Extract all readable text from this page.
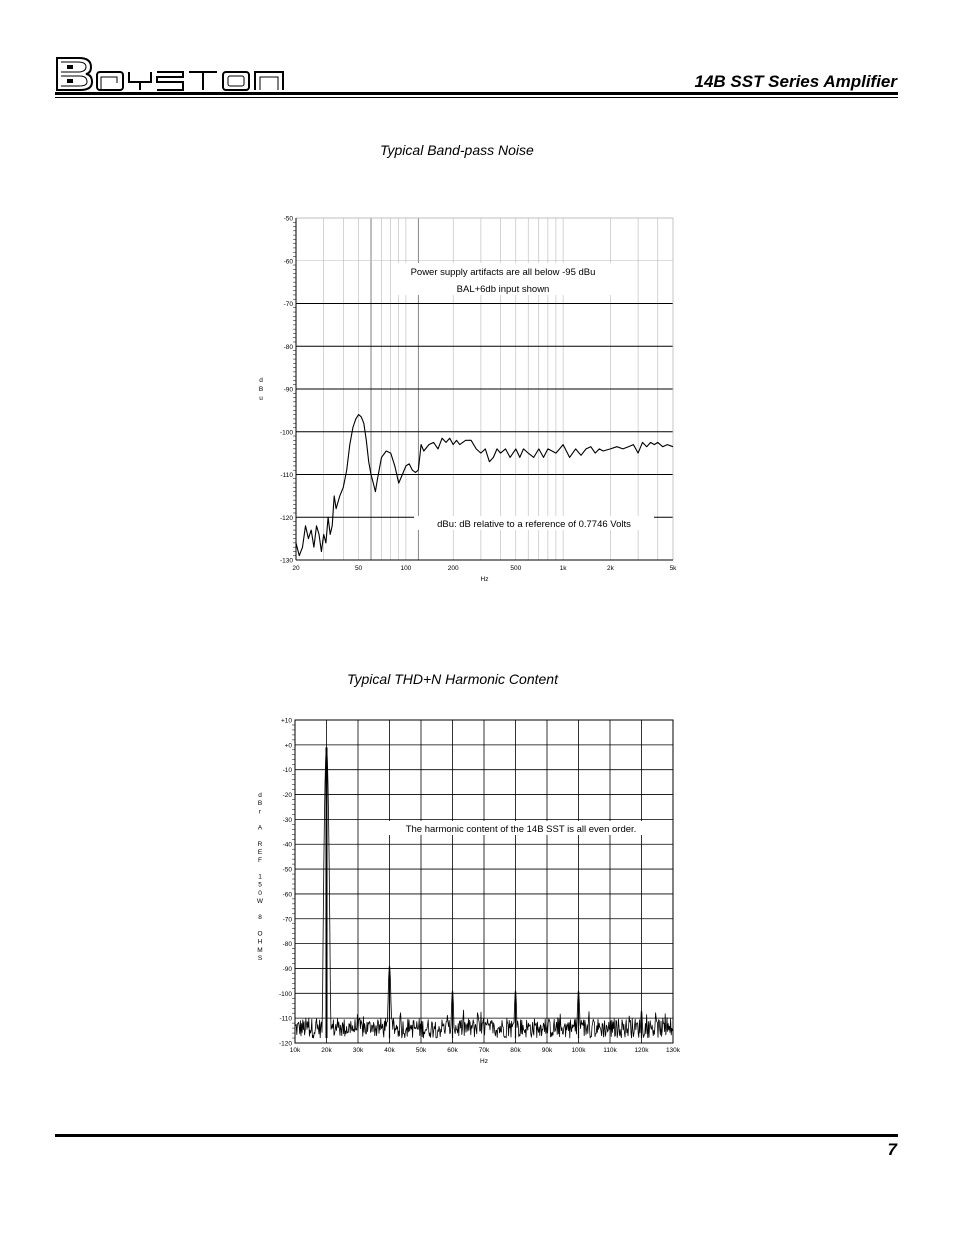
14B SST Series Amplifier
Typical Band-pass Noise
Typical THD+N Harmonic Content
-50
-60
-70
-80
-90
-100
-110
-120
-130
20	50	100	200	500	1k	2k	5k
Hz
d
B
u
Power supply artifacts are all below -95 dBu
BAL+6db input shown
dBu: dB relative to a reference of 0.7746 Volts
10k	20k	30k	40k	50k	60k	70k	80k	90k	100k	110k	120k	130k
+10
+0
-10
-20
-30
-40
-50
-60
-70
-80
-90
-100
-110
-120
Hz
d
B
r
A
R
E
F
1
5
0
W
8
O
H
M
S
The harmonic content of the 14B SST is all even order.
7
